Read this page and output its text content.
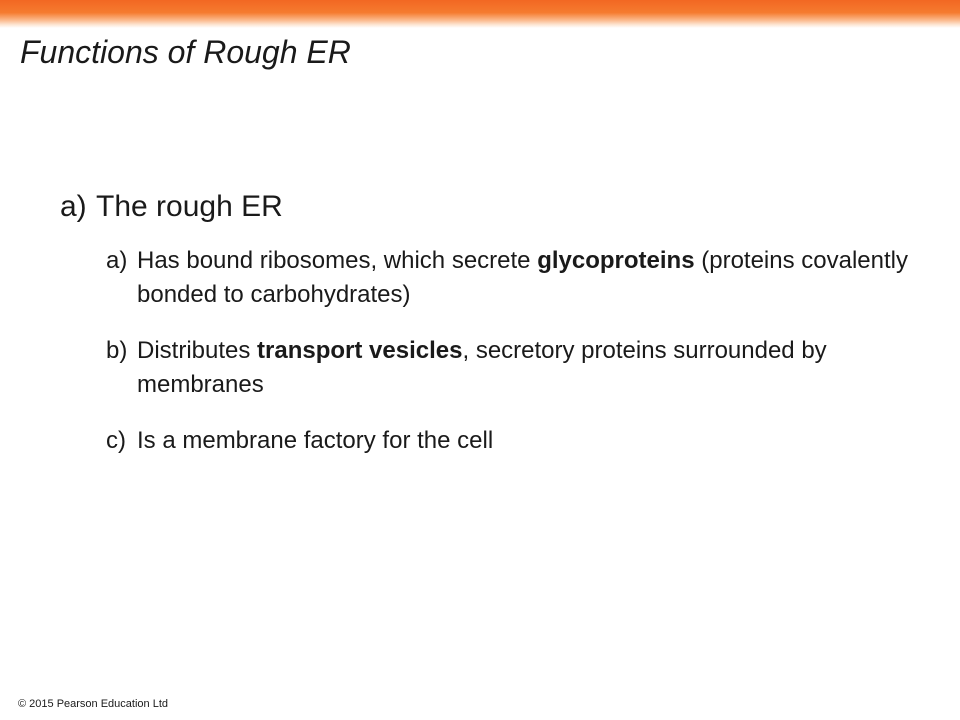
Functions of Rough ER
a) The rough ER
a) Has bound ribosomes, which secrete glycoproteins (proteins covalently bonded to carbohydrates)
b) Distributes transport vesicles, secretory proteins surrounded by membranes
c) Is a membrane factory for the cell
© 2015 Pearson Education Ltd
